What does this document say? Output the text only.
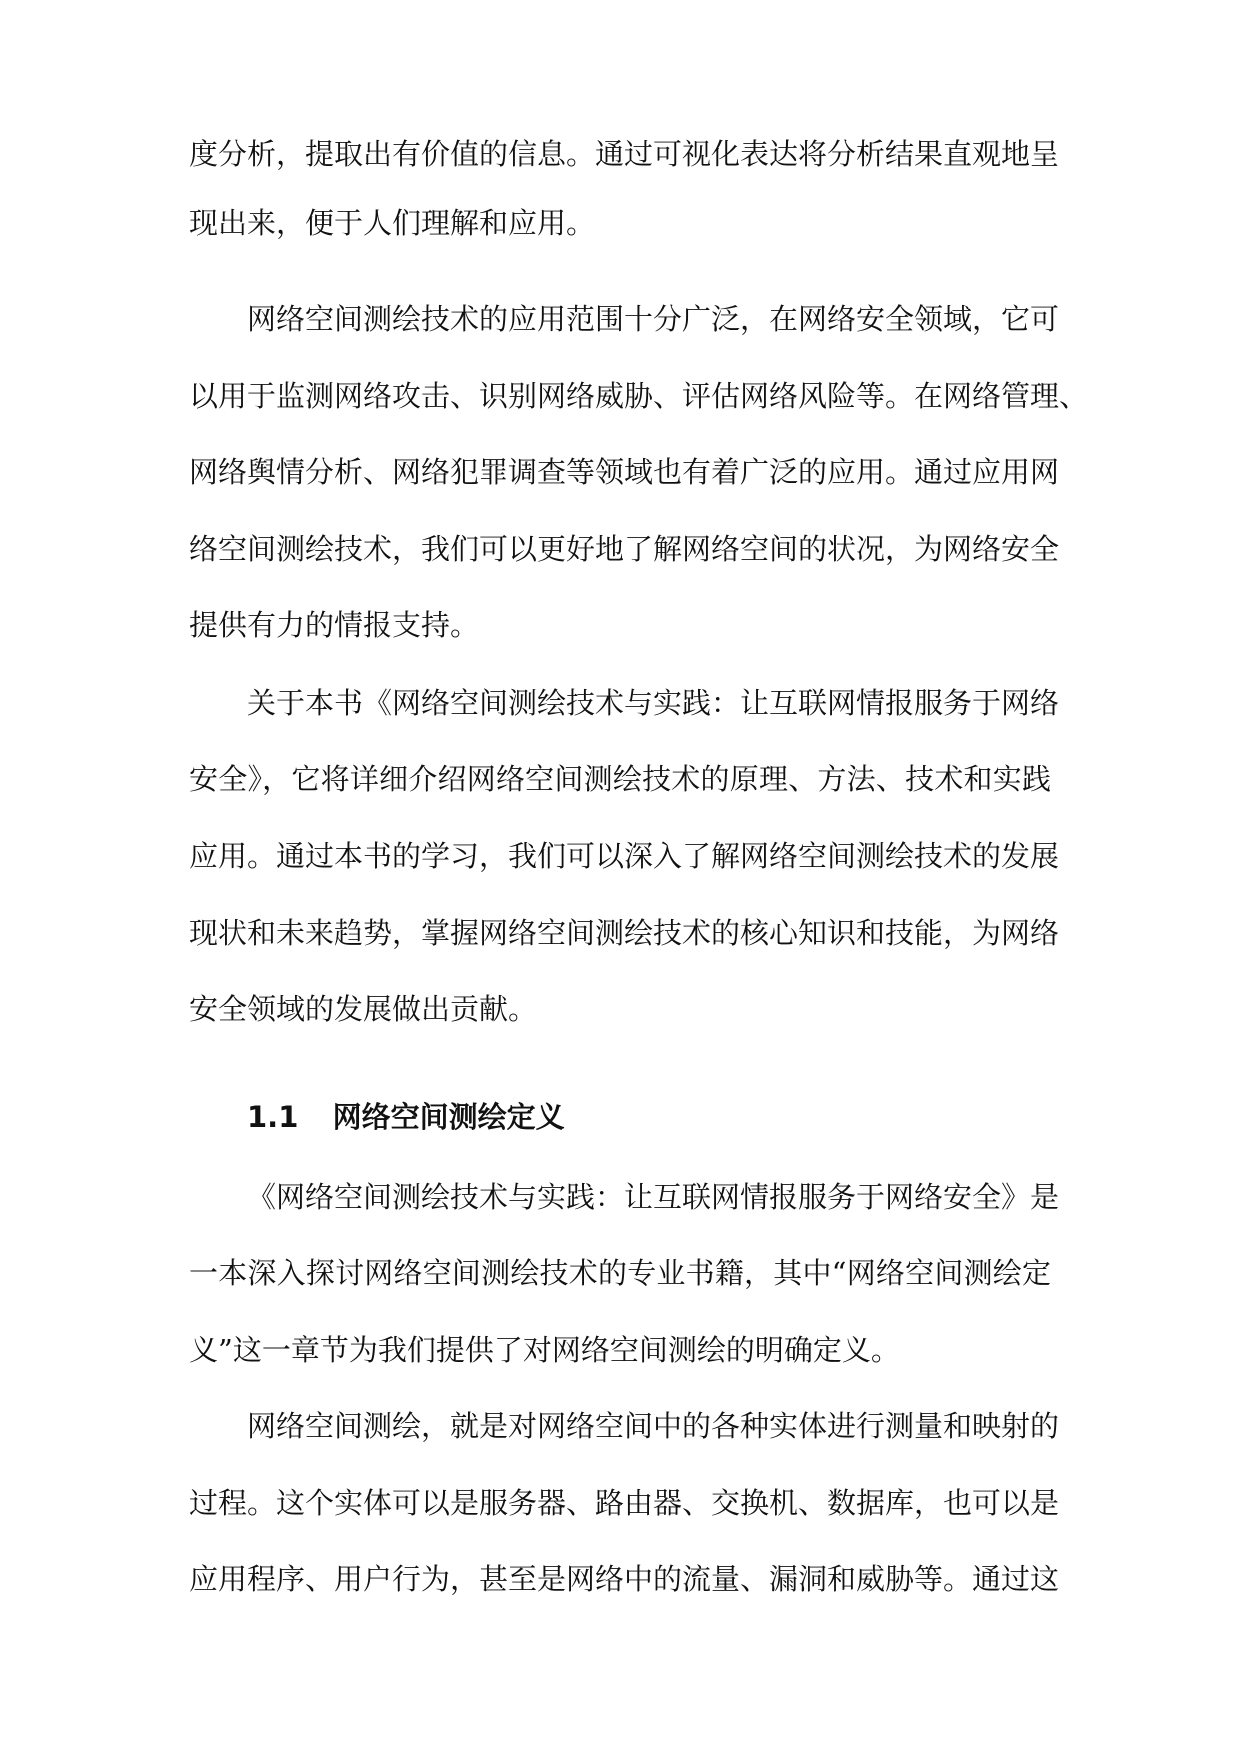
度分析，提取出有价值的信息。通过可视化表达将分析结果直观地呈
现出来，便于人们理解和应用。
网络空间测绘技术的应用范围十分广泛，在网络安全领域，它可
以用于监测网络攻击、识别网络威胁、评估网络风险等。在网络管理、
网络舆情分析、网络犯罪调查等领域也有着广泛的应用。通过应用网
络空间测绘技术，我们可以更好地了解网络空间的状况，为网络安全
提供有力的情报支持。
关于本书《网络空间测绘技术与实践：让互联网情报服务于网络
安全》，它将详细介绍网络空间测绘技术的原理、方法、技术和实践
应用。通过本书的学习，我们可以深入了解网络空间测绘技术的发展
现状和未来趋势，掌握网络空间测绘技术的核心知识和技能，为网络
安全领域的发展做出贡献。
1.1 网络空间测绘定义
《网络空间测绘技术与实践：让互联网情报服务于网络安全》是
一本深入探讨网络空间测绘技术的专业书籍，其中“网络空间测绘定
义”这一章节为我们提供了对网络空间测绘的明确定义。
网络空间测绘，就是对网络空间中的各种实体进行测量和映射的
过程。这个实体可以是服务器、路由器、交换机、数据库，也可以是
应用程序、用户行为，甚至是网络中的流量、漏洞和威胁等。通过这
